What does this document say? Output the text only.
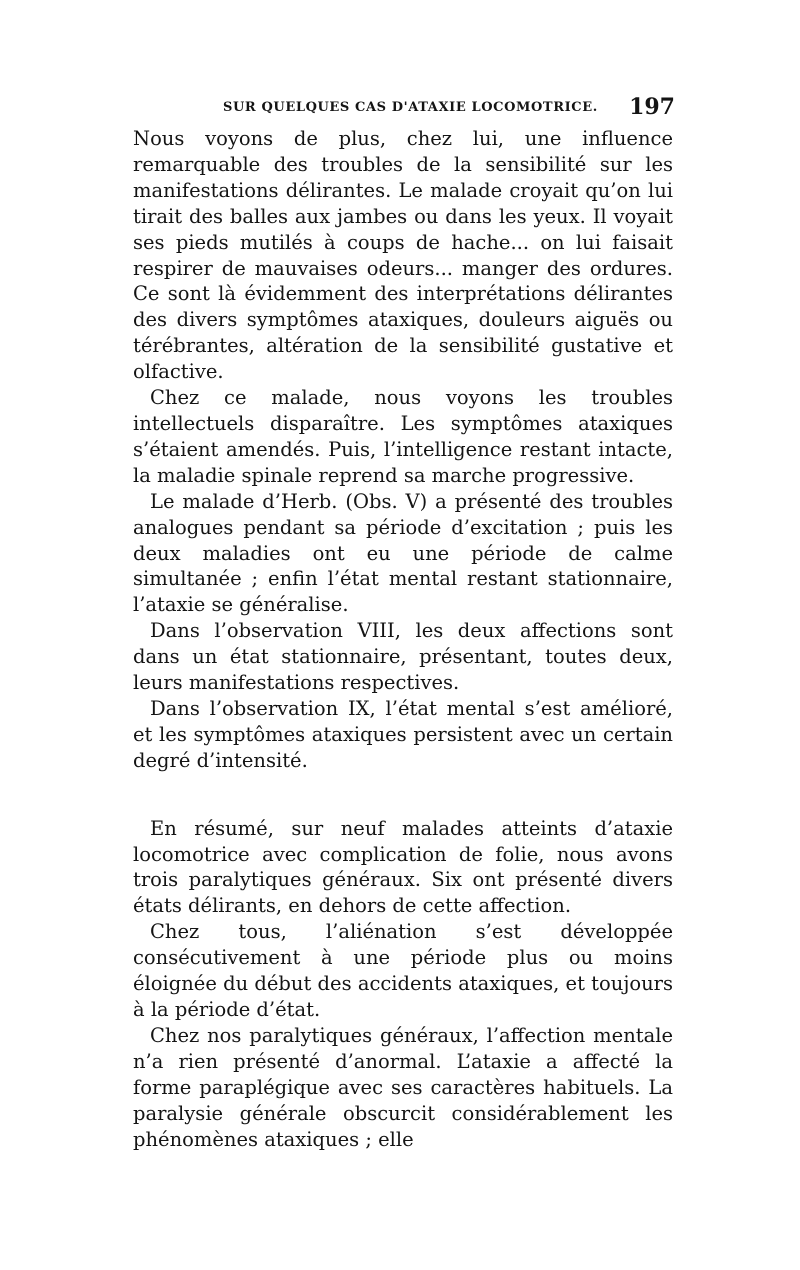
SUR QUELQUES CAS D'ATAXIE LOCOMOTRICE. 197

Nous voyons de plus, chez lui, une influence remarquable des troubles de la sensibilité sur les manifestations délirantes. Le malade croyait qu’on lui tirait des balles aux jambes ou dans les yeux. Il voyait ses pieds mutilés à coups de hache... on lui faisait respirer de mauvaises odeurs... manger des ordures. Ce sont là évidemment des interprétations délirantes des divers symptômes ataxiques, douleurs aiguës ou térébrantes, altération de la sensibilité gustative et olfactive.

Chez ce malade, nous voyons les troubles intellectuels disparaître. Les symptômes ataxiques s’étaient amendés. Puis, l’intelligence restant intacte, la maladie spinale reprend sa marche progressive.

Le malade d’Herb. (Obs. V) a présenté des troubles analogues pendant sa période d’excitation ; puis les deux maladies ont eu une période de calme simultanée ; enfin l’état mental restant stationnaire, l’ataxie se généralise.

Dans l’observation VIII, les deux affections sont dans un état stationnaire, présentant, toutes deux, leurs manifestations respectives.

Dans l’observation IX, l’état mental s’est amélioré, et les symptômes ataxiques persistent avec un certain degré d’intensité.

En résumé, sur neuf malades atteints d’ataxie locomotrice avec complication de folie, nous avons trois paralytiques généraux. Six ont présenté divers états délirants, en dehors de cette affection.

Chez tous, l’aliénation s’est développée consécutivement à une période plus ou moins éloignée du début des accidents ataxiques, et toujours à la période d’état.

Chez nos paralytiques généraux, l’affection mentale n’a rien présenté d’anormal. L’ataxie a affecté la forme paraplégique avec ses caractères habituels. La paralysie générale obscurcit considérablement les phénomènes ataxiques ; elle
